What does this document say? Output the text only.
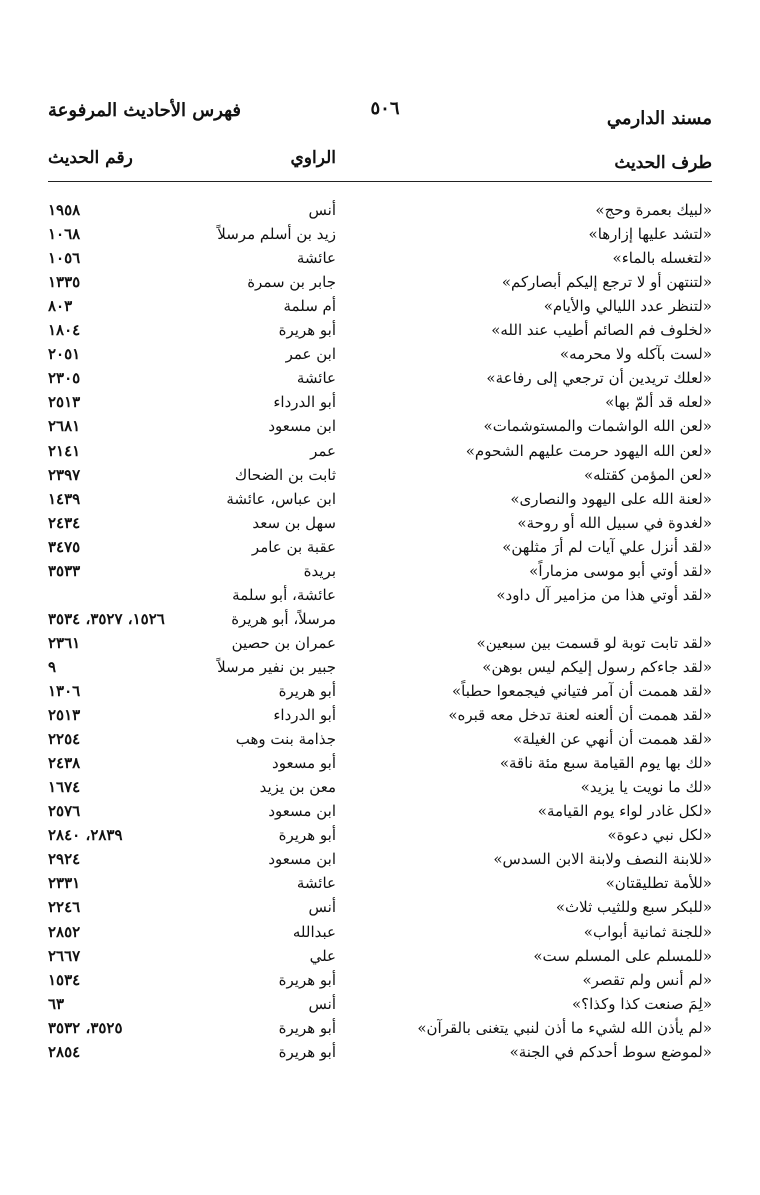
مسند الدارمي
٥٠٦
فهرس الأحاديث المرفوعة
طرف الحديث
الراوي
رقم الحديث
«لبيك بعمرة وحج»
أنس
١٩٥٨
«لتشد عليها إزارها»
زيد بن أسلم مرسلاً
١٠٦٨
«لتغسله بالماء»
عائشة
١٠٥٦
«لتنتهن أو لا ترجع إليكم أبصاركم»
جابر بن سمرة
١٣٣٥
«لتنظر عدد الليالي والأيام»
أم سلمة
٨٠٣
«لخلوف فم الصائم أطيب عند الله»
أبو هريرة
١٨٠٤
«لست بآكله ولا محرمه»
ابن عمر
٢٠٥١
«لعلك تريدين أن ترجعي إلى رفاعة»
عائشة
٢٣٠٥
«لعله قد ألمّ بها»
أبو الدرداء
٢٥١٣
«لعن الله الواشمات والمستوشمات»
ابن مسعود
٢٦٨١
«لعن الله اليهود حرمت عليهم الشحوم»
عمر
٢١٤١
«لعن المؤمن كقتله»
ثابت بن الضحاك
٢٣٩٧
«لعنة الله على اليهود والنصارى»
ابن عباس، عائشة
١٤٣٩
«لغدوة في سبيل الله أو روحة»
سهل بن سعد
٢٤٣٤
«لقد أنزل علي آيات لم أرَ مثلهن»
عقبة بن عامر
٣٤٧٥
«لقد أوتي أبو موسى مزماراً»
بريدة
٣٥٣٣
«لقد أوتي هذا من مزامير آل داود»
عائشة، أبو سلمة
مرسلاً، أبو هريرة
١٥٢٦، ٣٥٢٧، ٣٥٣٤
«لقد تابت توبة لو قسمت بين سبعين»
عمران بن حصين
٢٣٦١
«لقد جاءكم رسول إليكم ليس بوهن»
جبير بن نفير مرسلاً
٩
«لقد هممت أن آمر فتياني فيجمعوا حطباً»
أبو هريرة
١٣٠٦
«لقد هممت أن ألعنه لعنة تدخل معه قبره»
أبو الدرداء
٢٥١٣
«لقد هممت أن أنهي عن الغيلة»
جذامة بنت وهب
٢٢٥٤
«لك بها يوم القيامة سبع مئة ناقة»
أبو مسعود
٢٤٣٨
«لك ما نويت يا يزيد»
معن بن يزيد
١٦٧٤
«لكل غادر لواء يوم القيامة»
ابن مسعود
٢٥٧٦
«لكل نبي دعوة»
أبو هريرة
٢٨٣٩، ٢٨٤٠
«للابنة النصف ولابنة الابن السدس»
ابن مسعود
٢٩٢٤
«للأمة تطليقتان»
عائشة
٢٣٣١
«للبكر سبع وللثيب ثلاث»
أنس
٢٢٤٦
«للجنة ثمانية أبواب»
عبدالله
٢٨٥٢
«للمسلم على المسلم ست»
علي
٢٦٦٧
«لم أنس ولم تقصر»
أبو هريرة
١٥٣٤
«لِمَ صنعت كذا وكذا؟»
أنس
٦٣
«لم يأذن الله لشيء ما أذن لنبي يتغنى بالقرآن»
أبو هريرة
٣٥٢٥، ٣٥٣٢
«لموضع سوط أحدكم في الجنة»
أبو هريرة
٢٨٥٤
